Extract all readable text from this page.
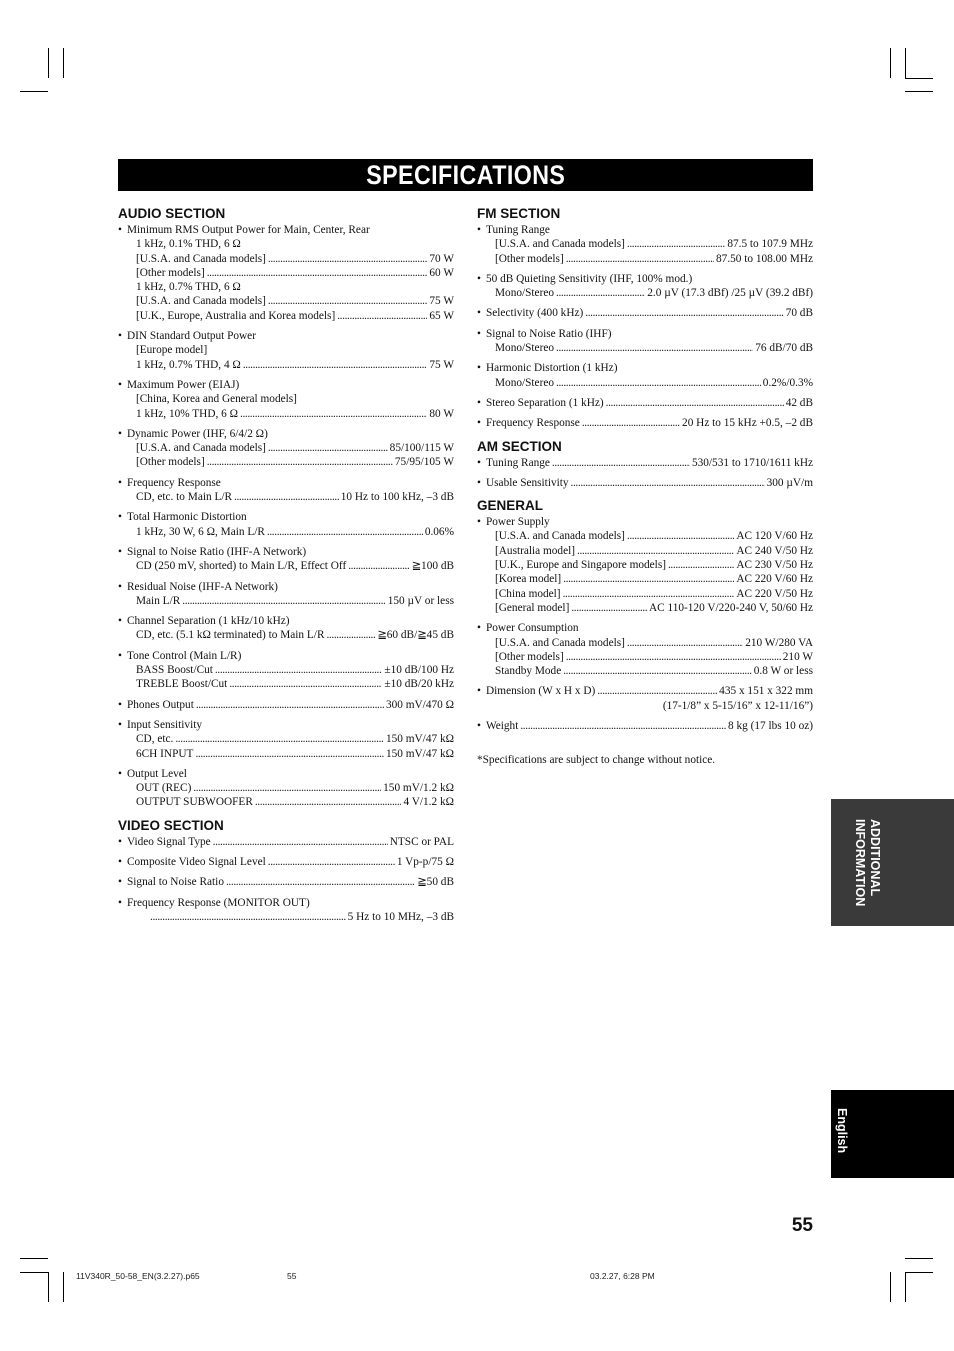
SPECIFICATIONS
AUDIO SECTION
• Minimum RMS Output Power for Main, Center, Rear
1 kHz, 0.1% THD, 6 Ω
[U.S.A. and Canada models] . . .	70 W
[Other models] . . .	60 W
1 kHz, 0.7% THD, 6 Ω
[U.S.A. and Canada models] . . .	75 W
[U.K., Europe, Australia and Korea models] . . .	65 W
• DIN Standard Output Power
[Europe model]
1 kHz, 0.7% THD, 4 Ω . . .	75 W
• Maximum Power (EIAJ)
[China, Korea and General models]
1 kHz, 10% THD, 6 Ω . . .	80 W
• Dynamic Power (IHF, 6/4/2 Ω)
[U.S.A. and Canada models] . . .	85/100/115 W
[Other models] . . .	75/95/105 W
• Frequency Response
CD, etc. to Main L/R . . .	10 Hz to 100 kHz, –3 dB
• Total Harmonic Distortion
1 kHz, 30 W, 6 Ω, Main L/R . . .	0.06%
• Signal to Noise Ratio (IHF-A Network)
CD (250 mV, shorted) to Main L/R, Effect Off . . .	≧100 dB
• Residual Noise (IHF-A Network)
Main L/R . . .	150 µV or less
• Channel Separation (1 kHz/10 kHz)
CD, etc. (5.1 kΩ terminated) to Main L/R . . .	≧60 dB/≧45 dB
• Tone Control (Main L/R)
BASS Boost/Cut . . .	±10 dB/100 Hz
TREBLE Boost/Cut . . .	±10 dB/20 kHz
• Phones Output . . .	300 mV/470 Ω
• Input Sensitivity
CD, etc. . . .	150 mV/47 kΩ
6CH INPUT . . .	150 mV/47 kΩ
• Output Level
OUT (REC) . . .	150 mV/1.2 kΩ
OUTPUT SUBWOOFER . . .	4 V/1.2 kΩ
VIDEO SECTION
• Video Signal Type . . .	NTSC or PAL
• Composite Video Signal Level . . .	1 Vp-p/75 Ω
• Signal to Noise Ratio . . .	≧50 dB
• Frequency Response (MONITOR OUT)
. . .
5 Hz to 10 MHz, –3 dB
FM SECTION
• Tuning Range
[U.S.A. and Canada models] . . .	87.5 to 107.9 MHz
[Other models] . . .	87.50 to 108.00 MHz
• 50 dB Quieting Sensitivity (IHF, 100% mod.)
Mono/Stereo . . .	2.0 µV (17.3 dBf) /25 µV (39.2 dBf)
• Selectivity (400 kHz) . . .	70 dB
• Signal to Noise Ratio (IHF)
Mono/Stereo . . .	76 dB/70 dB
• Harmonic Distortion (1 kHz)
Mono/Stereo . . .	0.2%/0.3%
• Stereo Separation (1 kHz) . . .	42 dB
• Frequency Response . . .	20 Hz to 15 kHz +0.5, –2 dB
AM SECTION
• Tuning Range . . .	530/531 to 1710/1611 kHz
• Usable Sensitivity . . .	300 µV/m
GENERAL
• Power Supply
[U.S.A. and Canada models] . . .	AC 120 V/60 Hz
[Australia model] . . .	AC 240 V/50 Hz
[U.K., Europe and Singapore models] . . .	AC 230 V/50 Hz
[Korea model] . . .	AC 220 V/60 Hz
[China model] . . .	AC 220 V/50 Hz
[General model] . . .	AC 110-120 V/220-240 V, 50/60 Hz
• Power Consumption
[U.S.A. and Canada models] . . .	210 W/280 VA
[Other models] . . .	210 W
Standby Mode . . .	0.8 W or less
• Dimension (W x H x D) . . .	435 x 151 x 322 mm
(17-1/8” x 5-15/16” x 12-11/16”)
• Weight . . .	8 kg (17 lbs 10 oz)
*Specifications are subject to change without notice.
ADDITIONAL
INFORMATION
English
55
11V340R_50-58_EN(3.2.27).p65	55	03.2.27, 6:28 PM
